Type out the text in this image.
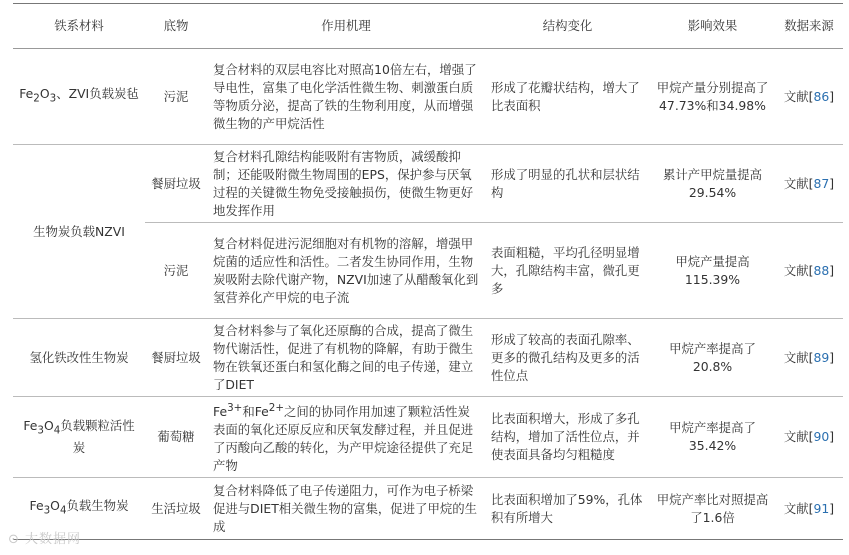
铁系材料	底物	作用机理	结构变化	影响效果	数据来源
$Fe_2O_3$、ZVI负载炭毡	污泥	复合材料的双层电容比对照高10倍左右，增强了导电性，富集了电化学活性微生物、刺激蛋白质等物质分泌，提高了铁的生物利用度，从而增强微生物的产甲烷活性	形成了花瓣状结构，增大了比表面积	甲烷产量分别提高了47.73%和34.98%	文献[86]
生物炭负载NZVI	餐厨垃圾	复合材料孔隙结构能吸附有害物质，减缓酸抑制；还能吸附微生物周围的EPS，保护参与厌氧过程的关键微生物免受接触损伤，使微生物更好地发挥作用	形成了明显的孔状和层状结构	累计产甲烷量提高29.54%	文献[87]
	污泥	复合材料促进污泥细胞对有机物的溶解，增强甲烷菌的适应性和活性。二者发生协同作用，生物炭吸附去除代谢产物，NZVI加速了从醋酸氧化到氢营养化产甲烷的电子流	表面粗糙，平均孔径明显增大，孔隙结构丰富，微孔更多	甲烷产量提高115.39%	文献[88]
氢化铁改性生物炭	餐厨垃圾	复合材料参与了氧化还原酶的合成，提高了微生物代谢活性，促进了有机物的降解，有助于微生物在铁氧还蛋白和氢化酶之间的电子传递，建立了DIET	形成了较高的表面孔隙率、更多的微孔结构及更多的活性位点	甲烷产率提高了20.8%	文献[89]
$Fe_3O_4$负载颗粒活性炭	葡萄糖	$Fe^{3+}$和$Fe^{2+}$之间的协同作用加速了颗粒活性炭表面的氧化还原反应和厌氧发酵过程，并且促进了丙酸向乙酸的转化，为产甲烷途径提供了充足产物	比表面积增大，形成了多孔结构，增加了活性位点，并使表面具备均匀粗糙度	甲烷产率提高了35.42%	文献[90]
$Fe_3O_4$负载生物炭	生活垃圾	复合材料降低了电子传递阻力，可作为电子桥梁促进与DIET相关微生物的富集，促进了甲烷的生成	比表面积增加了59%，孔体积有所增大	甲烷产率比对照提高了1.6倍	文献[91]
⊙ 大数据网
